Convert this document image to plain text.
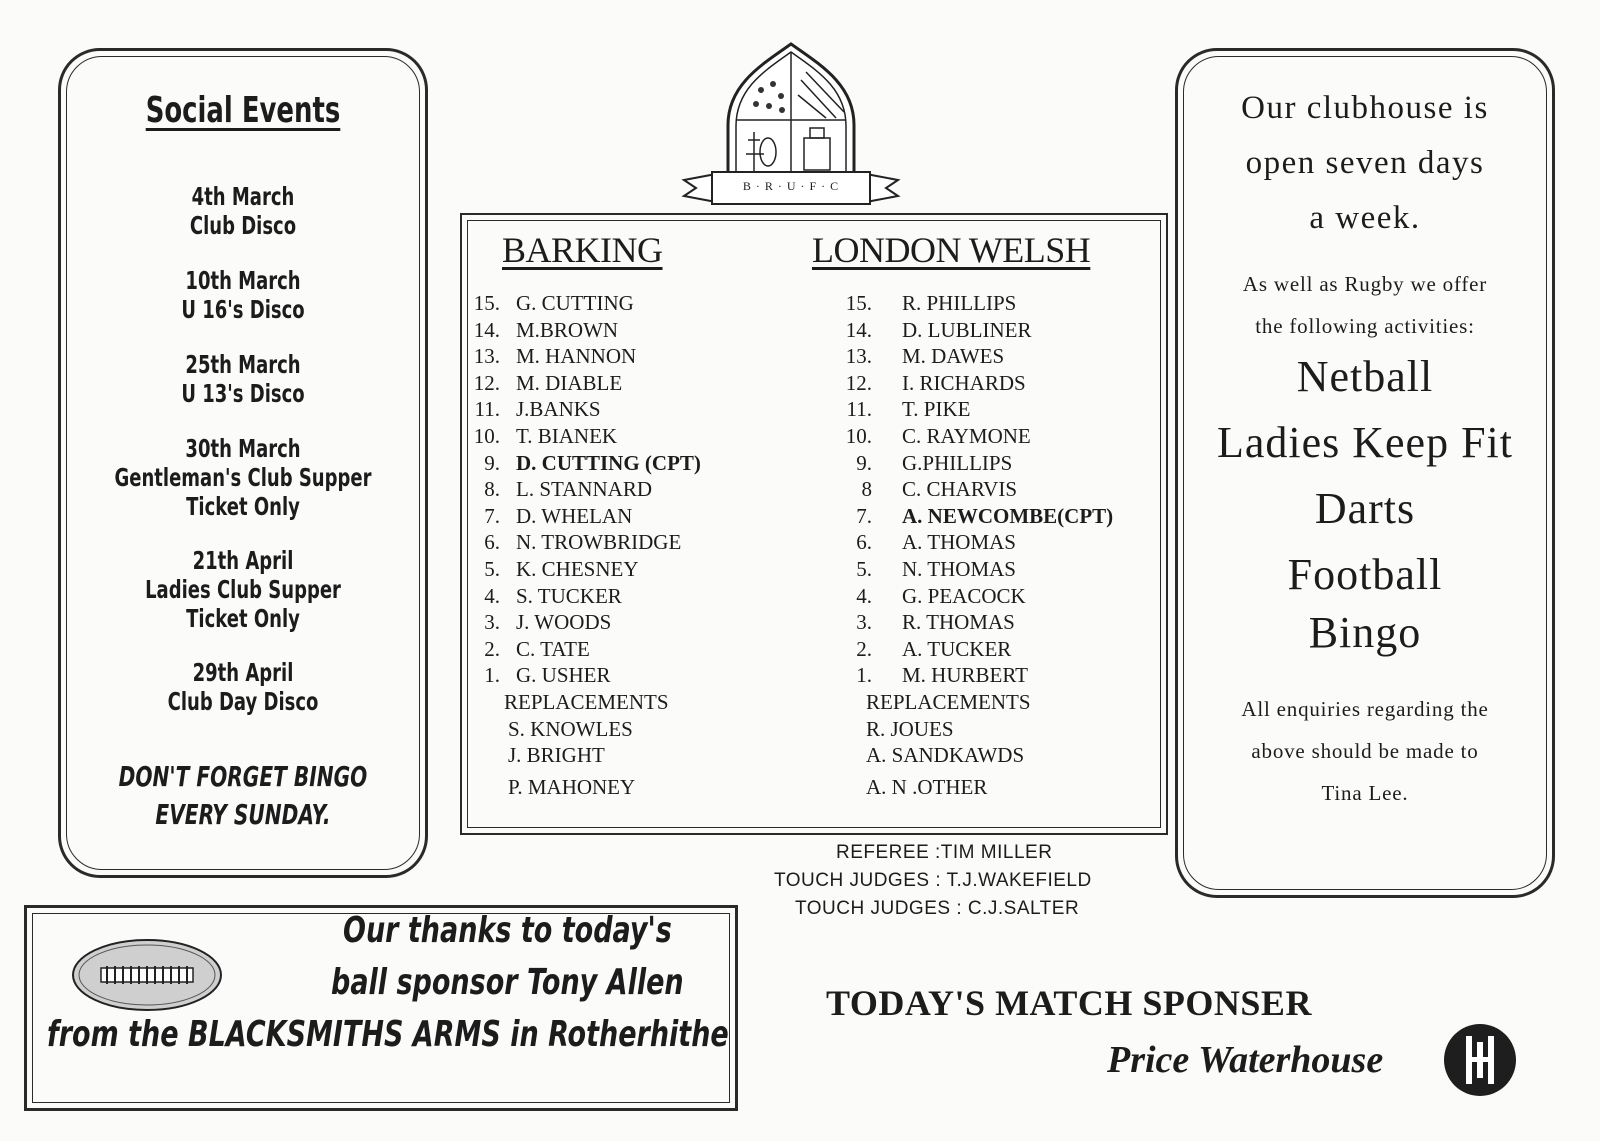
Social Events
4th March
Club Disco
10th March
U 16's Disco
25th March
U 13's Disco
30th March
Gentleman's Club Supper
Ticket Only
21th April
Ladies Club Supper
Ticket Only
29th April
Club Day Disco
DON'T FORGET BINGO
EVERY SUNDAY.
B · R · U · F · C
BARKING	LONDON WELSH
15. G. CUTTING
14. M.BROWN
13. M. HANNON
12. M. DIABLE
11. J.BANKS
10. T. BIANEK
9. D. CUTTING (CPT)
8. L. STANNARD
7. D. WHELAN
6. N. TROWBRIDGE
5. K. CHESNEY
4. S. TUCKER
3. J. WOODS
2. C. TATE
1. G. USHER
15. R. PHILLIPS
14. D. LUBLINER
13. M. DAWES
12. I. RICHARDS
11. T. PIKE
10. C. RAYMONE
9. G.PHILLIPS
8 C. CHARVIS
7. A. NEWCOMBE(CPT)
6. A. THOMAS
5. N. THOMAS
4. G. PEACOCK
3. R. THOMAS
2. A. TUCKER
1. M. HURBERT
REPLACEMENTS	REPLACEMENTS
S. KNOWLES
J. BRIGHT
P. MAHONEY
R. JOUES
A. SANDKAWDS
A. N .OTHER
REFEREE :TIM MILLER
TOUCH JUDGES : T.J.WAKEFIELD
TOUCH JUDGES : C.J.SALTER
Our clubhouse is
open seven days
a week.
As well as Rugby we offer
the following activities:
Netball
Ladies Keep Fit
Darts
Football
Bingo
All enquiries regarding the
above should be made to
Tina Lee.
Our thanks to today's
ball sponsor Tony Allen
from the BLACKSMITHS ARMS in Rotherhithe
TODAY'S MATCH SPONSER
Price Waterhouse
